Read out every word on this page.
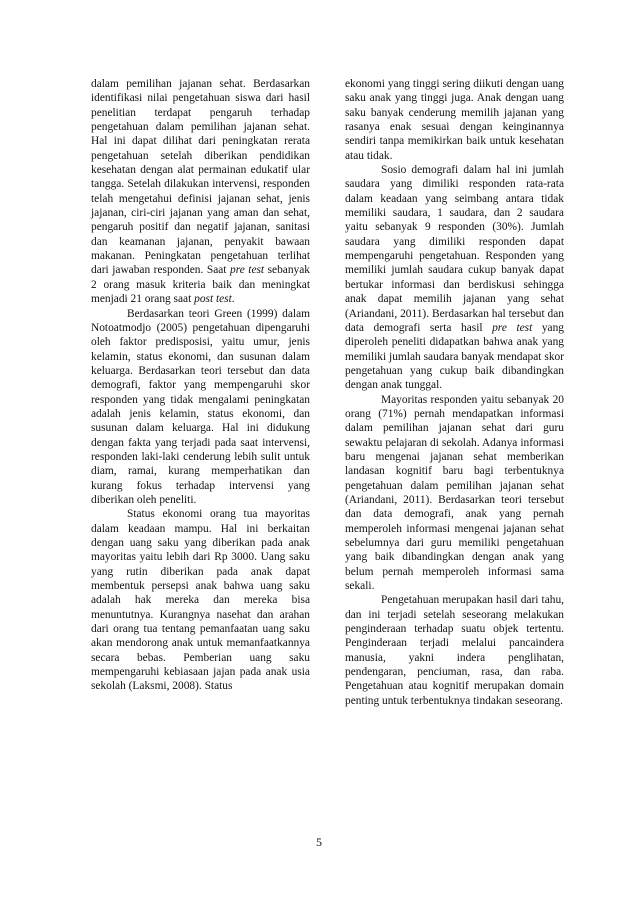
dalam pemilihan jajanan sehat. Berdasarkan identifikasi nilai pengetahuan siswa dari hasil penelitian terdapat pengaruh terhadap pengetahuan dalam pemilihan jajanan sehat. Hal ini dapat dilihat dari peningkatan rerata pengetahuan setelah diberikan pendidikan kesehatan dengan alat permainan edukatif ular tangga. Setelah dilakukan intervensi, responden telah mengetahui definisi jajanan sehat, jenis jajanan, ciri-ciri jajanan yang aman dan sehat, pengaruh positif dan negatif jajanan, sanitasi dan keamanan jajanan, penyakit bawaan makanan. Peningkatan pengetahuan terlihat dari jawaban responden. Saat pre test sebanyak 2 orang masuk kriteria baik dan meningkat menjadi 21 orang saat post test.

Berdasarkan teori Green (1999) dalam Notoatmodjo (2005) pengetahuan dipengaruhi oleh faktor predisposisi, yaitu umur, jenis kelamin, status ekonomi, dan susunan dalam keluarga. Berdasarkan teori tersebut dan data demografi, faktor yang mempengaruhi skor responden yang tidak mengalami peningkatan adalah jenis kelamin, status ekonomi, dan susunan dalam keluarga. Hal ini didukung dengan fakta yang terjadi pada saat intervensi, responden laki-laki cenderung lebih sulit untuk diam, ramai, kurang memperhatikan dan kurang fokus terhadap intervensi yang diberikan oleh peneliti.

Status ekonomi orang tua mayoritas dalam keadaan mampu. Hal ini berkaitan dengan uang saku yang diberikan pada anak mayoritas yaitu lebih dari Rp 3000. Uang saku yang rutin diberikan pada anak dapat membentuk persepsi anak bahwa uang saku adalah hak mereka dan mereka bisa menuntutnya. Kurangnya nasehat dan arahan dari orang tua tentang pemanfaatan uang saku akan mendorong anak untuk memanfaatkannya secara bebas. Pemberian uang saku mempengaruhi kebiasaan jajan pada anak usia sekolah (Laksmi, 2008). Status

ekonomi yang tinggi sering diikuti dengan uang saku anak yang tinggi juga. Anak dengan uang saku banyak cenderung memilih jajanan yang rasanya enak sesuai dengan keinginannya sendiri tanpa memikirkan baik untuk kesehatan atau tidak.

Sosio demografi dalam hal ini jumlah saudara yang dimiliki responden rata-rata dalam keadaan yang seimbang antara tidak memiliki saudara, 1 saudara, dan 2 saudara yaitu sebanyak 9 responden (30%). Jumlah saudara yang dimiliki responden dapat mempengaruhi pengetahuan. Responden yang memiliki jumlah saudara cukup banyak dapat bertukar informasi dan berdiskusi sehingga anak dapat memilih jajanan yang sehat (Ariandani, 2011). Berdasarkan hal tersebut dan data demografi serta hasil pre test yang diperoleh peneliti didapatkan bahwa anak yang memiliki jumlah saudara banyak mendapat skor pengetahuan yang cukup baik dibandingkan dengan anak tunggal.

Mayoritas responden yaitu sebanyak 20 orang (71%) pernah mendapatkan informasi dalam pemilihan jajanan sehat dari guru sewaktu pelajaran di sekolah. Adanya informasi baru mengenai jajanan sehat memberikan landasan kognitif baru bagi terbentuknya pengetahuan dalam pemilihan jajanan sehat (Ariandani, 2011). Berdasarkan teori tersebut dan data demografi, anak yang pernah memperoleh informasi mengenai jajanan sehat sebelumnya dari guru memiliki pengetahuan yang baik dibandingkan dengan anak yang belum pernah memperoleh informasi sama sekali.

Pengetahuan merupakan hasil dari tahu, dan ini terjadi setelah seseorang melakukan penginderaan terhadap suatu objek tertentu. Penginderaan terjadi melalui pancaindera manusia, yakni indera penglihatan, pendengaran, penciuman, rasa, dan raba. Pengetahuan atau kognitif merupakan domain penting untuk terbentuknya tindakan seseorang.

5
